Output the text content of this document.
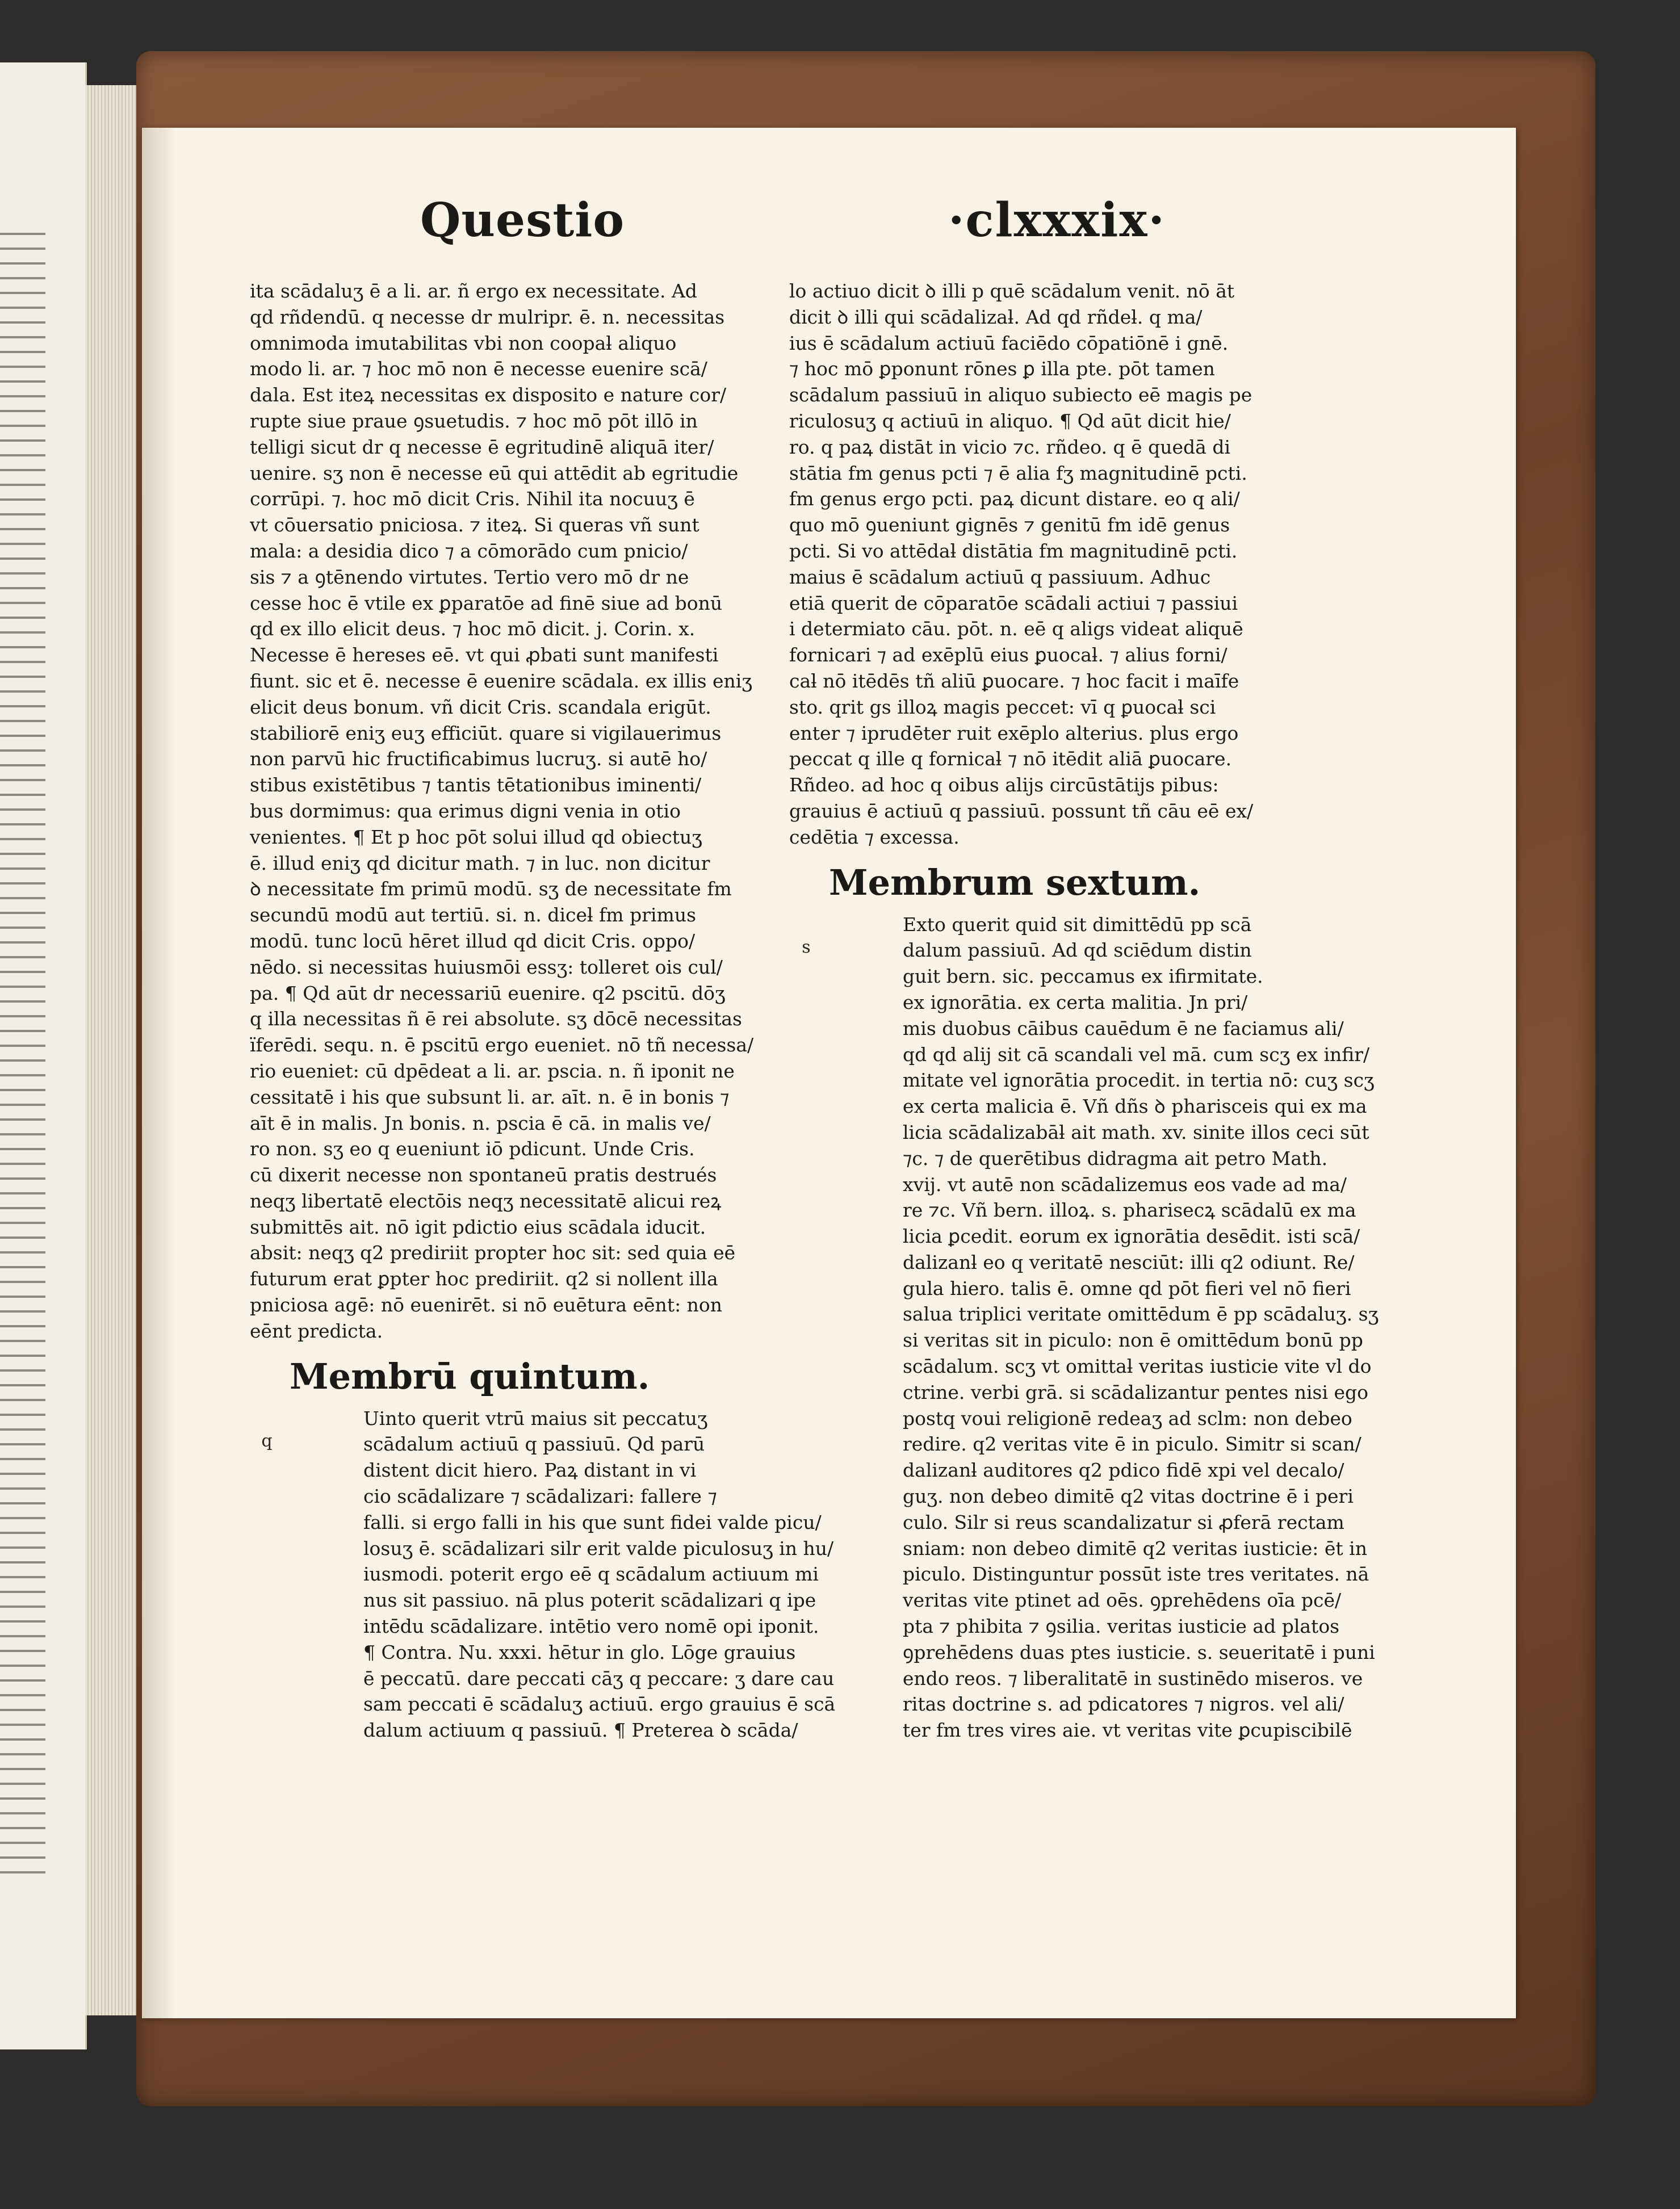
Questio	·clxxxix·
ita scādaluʒ ē a li. ar. ñ ergo ex necessitate. Ad
qd rñdendū. q necesse dr mulripr. ē. n. necessitas
omnimoda imutabilitas vbi non coopaƚ aliquo
modo li. ar. ⁊ hoc mō non ē necesse euenire scā/
dala. Est iteꝝ necessitas ex disposito e nature cor/
rupte siue praue ꝯsuetudis. ⁊ hoc mō pōt illō in
telligi sicut dr q necesse ē egritudinē aliquā iter/
uenire. sʒ non ē necesse eū qui attēdit ab egritudie
corrūpi. ⁊. hoc mō dicit Cris. Nihil ita nocuuʒ ē
vt cōuersatio pniciosa. ⁊ iteꝝ. Si queras vñ sunt
mala: a desidia dico ⁊ a cōmorādo cum pnicio/
sis ⁊ a ꝯtēnendo virtutes. Tertio vero mō dr ne
cesse hoc ē vtile ex ꝑparatōe ad finē siue ad bonū
qd ex illo elicit deus. ⁊ hoc mō dicit. j. Corin. x.
Necesse ē hereses eē. vt qui ꝓbati sunt manifesti
fiunt. sic et ē. necesse ē euenire scādala. ex illis eniʒ
elicit deus bonum. vñ dicit Cris. scandala erigūt.
stabiliorē eniʒ euʒ efficiūt. quare si vigilauerimus
non parvū hic fructificabimus lucruʒ. si autē ho/
stibus existētibus ⁊ tantis tētationibus iminenti/
bus dormimus: qua erimus digni venia in otio
venientes. ¶ Et p hoc pōt solui illud qd obiectuʒ
ē. illud eniʒ qd dicitur math. ⁊ in luc. non dicitur
ꝺ necessitate fm primū modū. sʒ de necessitate fm
secundū modū aut tertiū. si. n. diceƚ fm primus
modū. tunc locū hēret illud qd dicit Cris. oppo/
nēdo. si necessitas huiusmōi essʒ: tolleret ois cul/
pa. ¶ Qd aūt dr necessariū euenire. q2 pscitū. dōʒ
q illa necessitas ñ ē rei absolute. sʒ dōcē necessitas
ïferēdi. sequ. n. ē pscitū ergo eueniet. nō tñ necessa/
rio eueniet: cū dpēdeat a li. ar. pscia. n. ñ iponit ne
cessitatē i his que subsunt li. ar. aīt. n. ē in bonis ⁊
aīt ē in malis. Jn bonis. n. pscia ē cā. in malis ve/
ro non. sʒ eo q eueniunt iō pdicunt. Unde Cris.
cū dixerit necesse non spontaneū pratis destrués
neqʒ libertatē electōis neqʒ necessitatē alicui reꝝ
submittēs ait. nō igit pdictio eius scādala iducit.
absit: neqʒ q2 prediriit propter hoc sit: sed quia eē
futurum erat ꝑpter hoc prediriit. q2 si nollent illa
pniciosa agē: nō euenirēt. si nō euētura eēnt: non
eēnt predicta.
Membrū quintum.
q
Uinto querit vtrū maius sit peccatuʒ
scādalum actiuū q passiuū. Qd parū
distent dicit hiero. Paꝝ distant in vi
cio scādalizare ⁊ scādalizari: fallere ⁊
falli. si ergo falli in his que sunt fidei valde picu/
losuʒ ē. scādalizari silr erit valde piculosuʒ in hu/
iusmodi. poterit ergo eē q scādalum actiuum mi
nus sit passiuo. nā plus poterit scādalizari q ipe
intēdu scādalizare. intētio vero nomē opi iponit.
¶ Contra. Nu. xxxi. hētur in glo. Lōge grauius
ē peccatū. dare peccati cāʒ q peccare: ʒ dare cau
sam peccati ē scādaluʒ actiuū. ergo grauius ē scā
dalum actiuum q passiuū. ¶ Preterea ꝺ scāda/
lo actiuo dicit ꝺ illi p quē scādalum venit. nō āt
dicit ꝺ illi qui scādalizaƚ. Ad qd rñdeƚ. q ma/
ius ē scādalum actiuū faciēdo cōpatiōnē i gnē.
⁊ hoc mō ꝑponunt rōnes ꝑ illa pte. pōt tamen
scādalum passiuū in aliquo subiecto eē magis pe
riculosuʒ q actiuū in aliquo. ¶ Qd aūt dicit hie/
ro. q paꝝ distāt in vicio ⁊c. rñdeo. q ē quedā di
stātia fm genus pcti ⁊ ē alia fʒ magnitudinē pcti.
fm genus ergo pcti. paꝝ dicunt distare. eo q ali/
quo mō ꝯueniunt gignēs ⁊ genitū fm idē genus
pcti. Si vo attēdaƚ distātia fm magnitudinē pcti.
maius ē scādalum actiuū q passiuum. Adhuc
etiā querit de cōparatōe scādali actiui ⁊ passiui
i determiato cāu. pōt. n. eē q aligs videat aliquē
fornicari ⁊ ad exēplū eius ꝑuocaƚ. ⁊ alius forni/
caƚ nō itēdēs tñ aliū ꝑuocare. ⁊ hoc facit i maīfe
sto. qrit gs illoꝝ magis peccet: vī q ꝑuocaƚ sci
enter ⁊ iprudēter ruit exēplo alterius. plus ergo
peccat q ille q fornicaƚ ⁊ nō itēdit aliā ꝑuocare.
Rñdeo. ad hoc q oibus alijs circūstātijs pibus:
grauius ē actiuū q passiuū. possunt tñ cāu eē ex/
cedētia ⁊ excessa.
Membrum sextum.
s
Exto querit quid sit dimittēdū pp scā
dalum passiuū. Ad qd sciēdum distin
guit bern. sic. peccamus ex ifirmitate.
ex ignorātia. ex certa malitia. Jn pri/
mis duobus cāibus cauēdum ē ne faciamus ali/
qd qd alij sit cā scandali vel mā. cum scʒ ex infir/
mitate vel ignorātia procedit. in tertia nō: cuʒ scʒ
ex certa malicia ē. Vñ dñs ꝺ pharisceis qui ex ma
licia scādalizabāƚ ait math. xv. sinite illos ceci sūt
⁊c. ⁊ de querētibus didragma ait petro Math.
xvij. vt autē non scādalizemus eos vade ad ma/
re ⁊c. Vñ bern. illoꝝ. s. pharisecꝝ scādalū ex ma
licia ꝑcedit. eorum ex ignorātia desēdit. isti scā/
dalizanƚ eo q veritatē nesciūt: illi q2 odiunt. Re/
gula hiero. talis ē. omne qd pōt fieri vel nō fieri
salua triplici veritate omittēdum ē pp scādaluʒ. sʒ
si veritas sit in piculo: non ē omittēdum bonū pp
scādalum. scʒ vt omittaƚ veritas iusticie vite vl do
ctrine. verbi grā. si scādalizantur pentes nisi ego
postq voui religionē redeaʒ ad sclm: non debeo
redire. q2 veritas vite ē in piculo. Simitr si scan/
dalizanƚ auditores q2 pdico fidē xpi vel decalo/
guʒ. non debeo dimitē q2 vitas doctrine ē i peri
culo. Silr si reus scandalizatur si ꝓferā rectam
sniam: non debeo dimitē q2 veritas iusticie: ēt in
piculo. Distinguntur possūt iste tres veritates. nā
veritas vite ptinet ad oēs. ꝯprehēdens oīa pcē/
pta ⁊ phibita ⁊ ꝯsilia. veritas iusticie ad platos
ꝯprehēdens duas ptes iusticie. s. seueritatē i puni
endo reos. ⁊ liberalitatē in sustinēdo miseros. ve
ritas doctrine s. ad pdicatores ⁊ nigros. vel ali/
ter fm tres vires aie. vt veritas vite ꝑcupiscibilē
